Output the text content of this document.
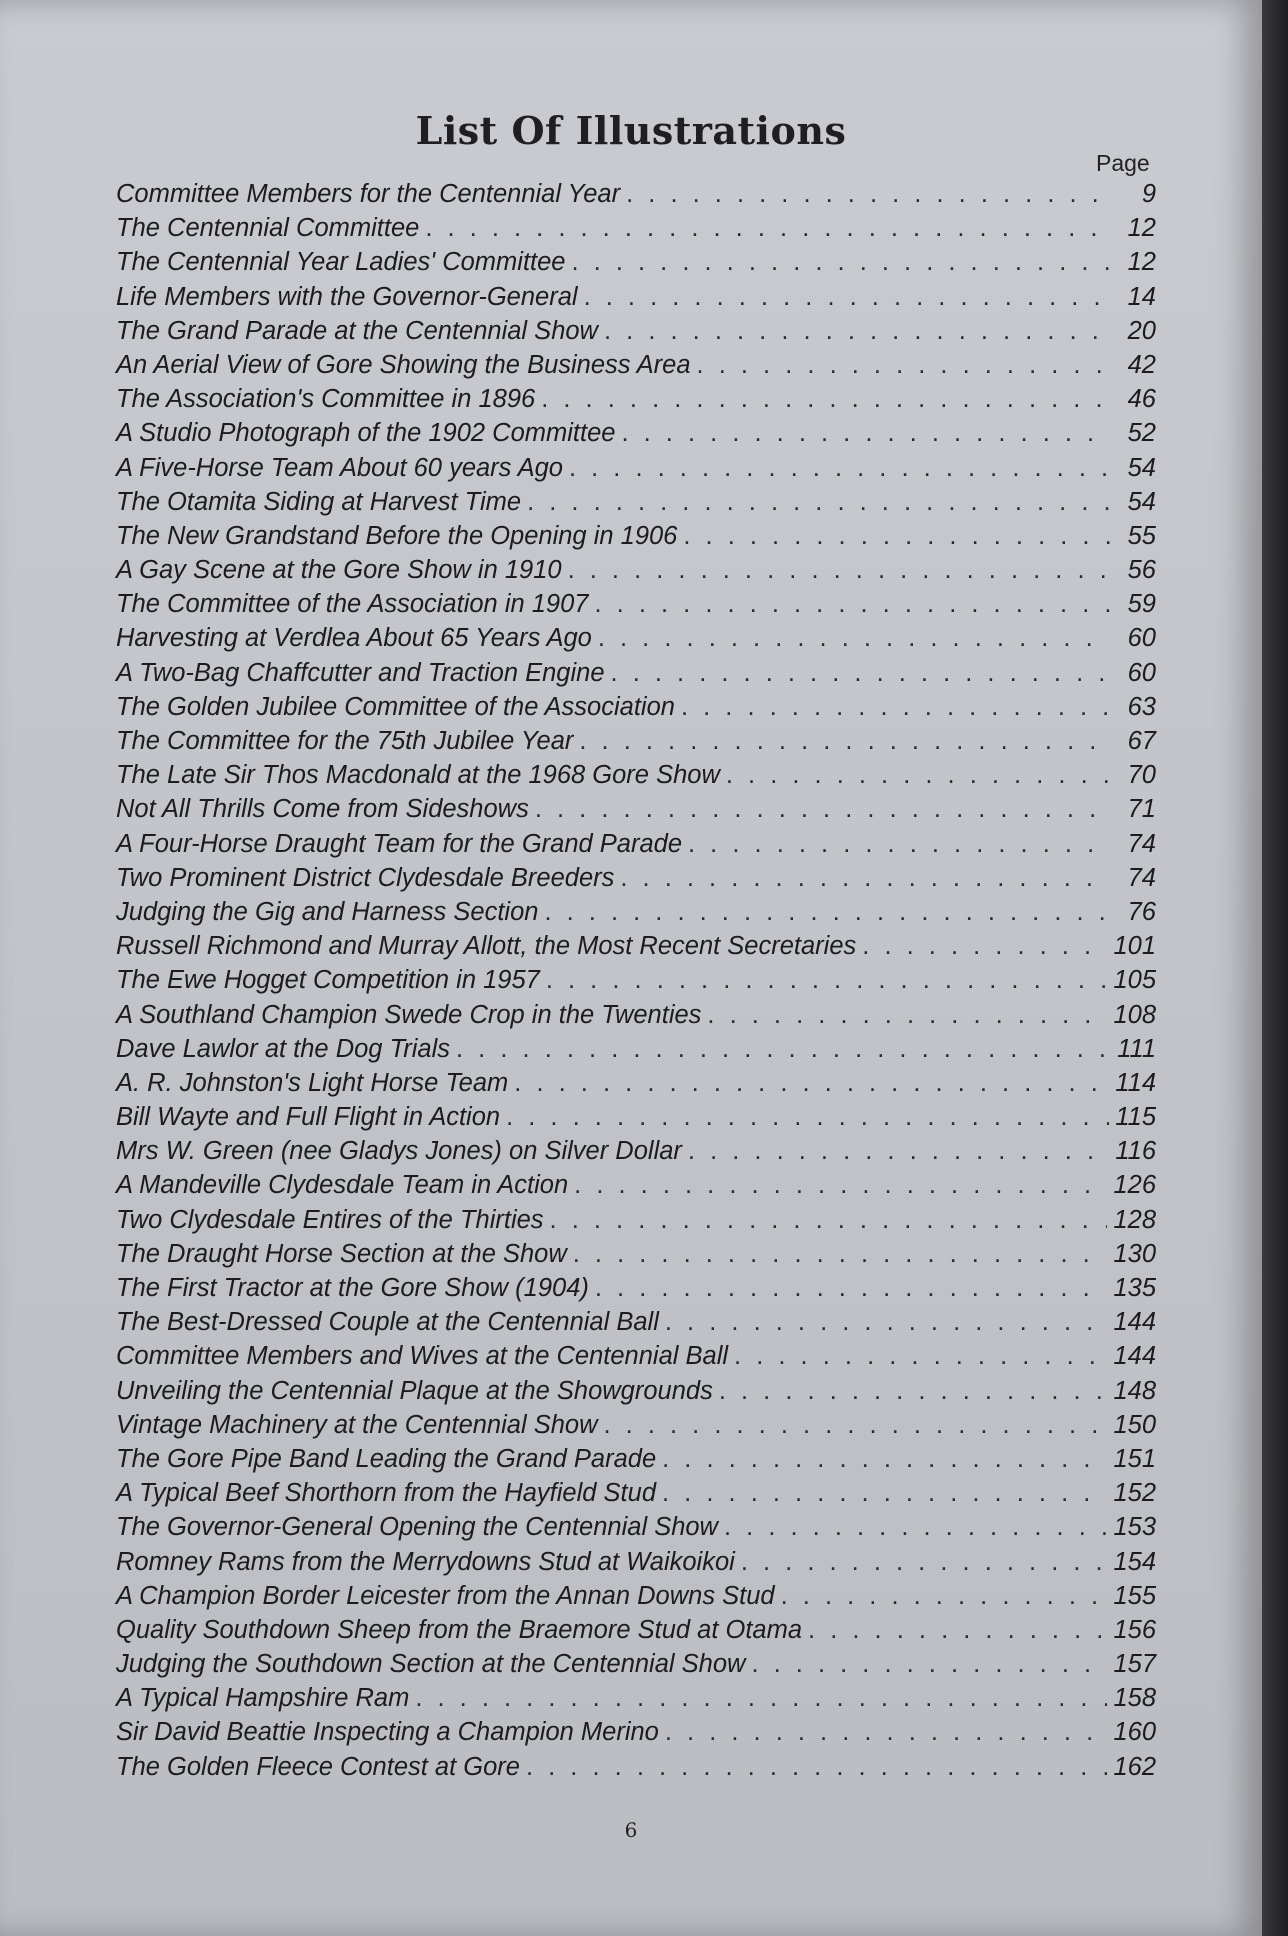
List Of Illustrations
Page
Committee Members for the Centennial Year . . .	9
The Centennial Committee . . .	12
The Centennial Year Ladies' Committee . . .	12
Life Members with the Governor-General . . .	14
The Grand Parade at the Centennial Show . . .	20
An Aerial View of Gore Showing the Business Area . . .	42
The Association's Committee in 1896 . . .	46
A Studio Photograph of the 1902 Committee . . .	52
A Five-Horse Team About 60 years Ago . . .	54
The Otamita Siding at Harvest Time . . .	54
The New Grandstand Before the Opening in 1906 . . .	55
A Gay Scene at the Gore Show in 1910 . . .	56
The Committee of the Association in 1907 . . .	59
Harvesting at Verdlea About 65 Years Ago . . .	60
A Two-Bag Chaffcutter and Traction Engine . . .	60
The Golden Jubilee Committee of the Association . . .	63
The Committee for the 75th Jubilee Year . . .	67
The Late Sir Thos Macdonald at the 1968 Gore Show . . .	70
Not All Thrills Come from Sideshows . . .	71
A Four-Horse Draught Team for the Grand Parade . . .	74
Two Prominent District Clydesdale Breeders . . .	74
Judging the Gig and Harness Section . . .	76
Russell Richmond and Murray Allott, the Most Recent Secretaries . . .	101
The Ewe Hogget Competition in 1957 . . .	105
A Southland Champion Swede Crop in the Twenties . . .	108
Dave Lawlor at the Dog Trials . . .	111
A. R. Johnston's Light Horse Team . . .	114
Bill Wayte and Full Flight in Action . . .	115
Mrs W. Green (nee Gladys Jones) on Silver Dollar . . .	116
A Mandeville Clydesdale Team in Action . . .	126
Two Clydesdale Entires of the Thirties . . .	128
The Draught Horse Section at the Show . . .	130
The First Tractor at the Gore Show (1904) . . .	135
The Best-Dressed Couple at the Centennial Ball . . .	144
Committee Members and Wives at the Centennial Ball . . .	144
Unveiling the Centennial Plaque at the Showgrounds . . .	148
Vintage Machinery at the Centennial Show . . .	150
The Gore Pipe Band Leading the Grand Parade . . .	151
A Typical Beef Shorthorn from the Hayfield Stud . . .	152
The Governor-General Opening the Centennial Show . . .	153
Romney Rams from the Merrydowns Stud at Waikoikoi . . .	154
A Champion Border Leicester from the Annan Downs Stud . . .	155
Quality Southdown Sheep from the Braemore Stud at Otama . . .	156
Judging the Southdown Section at the Centennial Show . . .	157
A Typical Hampshire Ram . . .	158
Sir David Beattie Inspecting a Champion Merino . . .	160
The Golden Fleece Contest at Gore . . .	162
6
